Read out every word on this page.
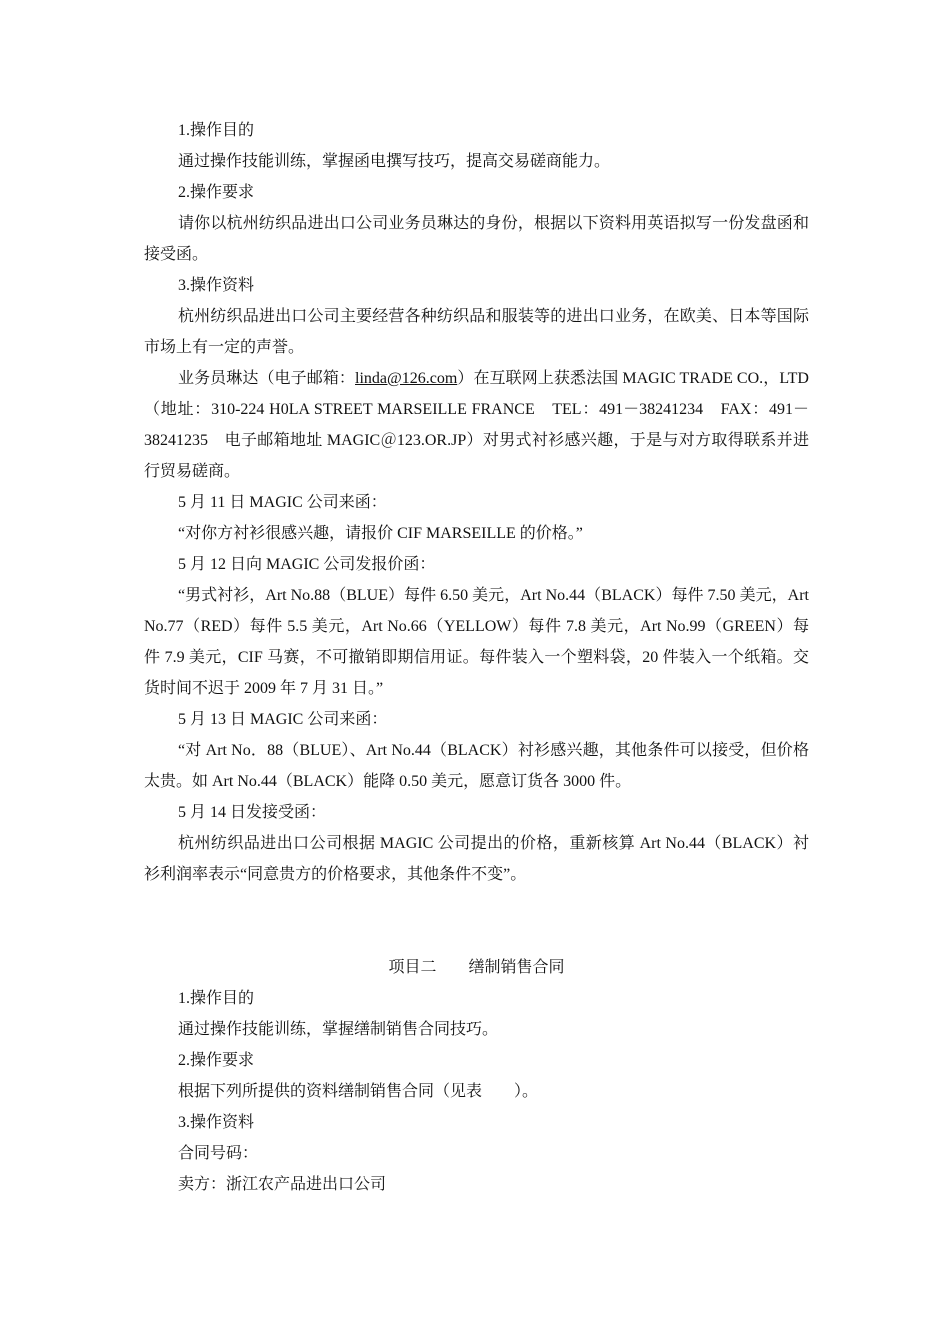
1.操作目的

通过操作技能训练，掌握函电撰写技巧，提高交易磋商能力。

2.操作要求

请你以杭州纺织品进出口公司业务员琳达的身份，根据以下资料用英语拟写一份发盘函和接受函。

3.操作资料

杭州纺织品进出口公司主要经营各种纺织品和服装等的进出口业务，在欧美、日本等国际市场上有一定的声誉。

业务员琳达（电子邮箱：linda@126.com）在互联网上获悉法国 MAGIC TRADE CO.，LTD（地址：310-224 H0LA STREET MARSEILLE FRANCE　TEL：491－38241234　FAX：491－38241235　电子邮箱地址 MAGIC＠123.OR.JP）对男式衬衫感兴趣，于是与对方取得联系并进行贸易磋商。

5 月 11 日 MAGIC 公司来函：

“对你方衬衫很感兴趣，请报价 CIF MARSEILLE 的价格。”

5 月 12 日向 MAGIC 公司发报价函：

“男式衬衫，Art No.88（BLUE）每件 6.50 美元，Art No.44（BLACK）每件 7.50 美元，Art No.77（RED）每件 5.5 美元，Art No.66（YELLOW）每件 7.8 美元，Art No.99（GREEN）每件 7.9 美元，CIF 马赛，不可撤销即期信用证。每件装入一个塑料袋，20 件装入一个纸箱。交货时间不迟于 2009 年 7 月 31 日。”

5 月 13 日 MAGIC 公司来函：

“对 Art No．88（BLUE）、Art No.44（BLACK）衬衫感兴趣，其他条件可以接受，但价格太贵。如 Art No.44（BLACK）能降 0.50 美元，愿意订货各 3000 件。

5 月 14 日发接受函：

杭州纺织品进出口公司根据 MAGIC 公司提出的价格，重新核算 Art No.44（BLACK）衬衫利润率表示“同意贵方的价格要求，其他条件不变”。

项目二　　缮制销售合同

1.操作目的

通过操作技能训练，掌握缮制销售合同技巧。

2.操作要求

根据下列所提供的资料缮制销售合同（见表　　）。

3.操作资料

合同号码：

卖方：浙江农产品进出口公司
